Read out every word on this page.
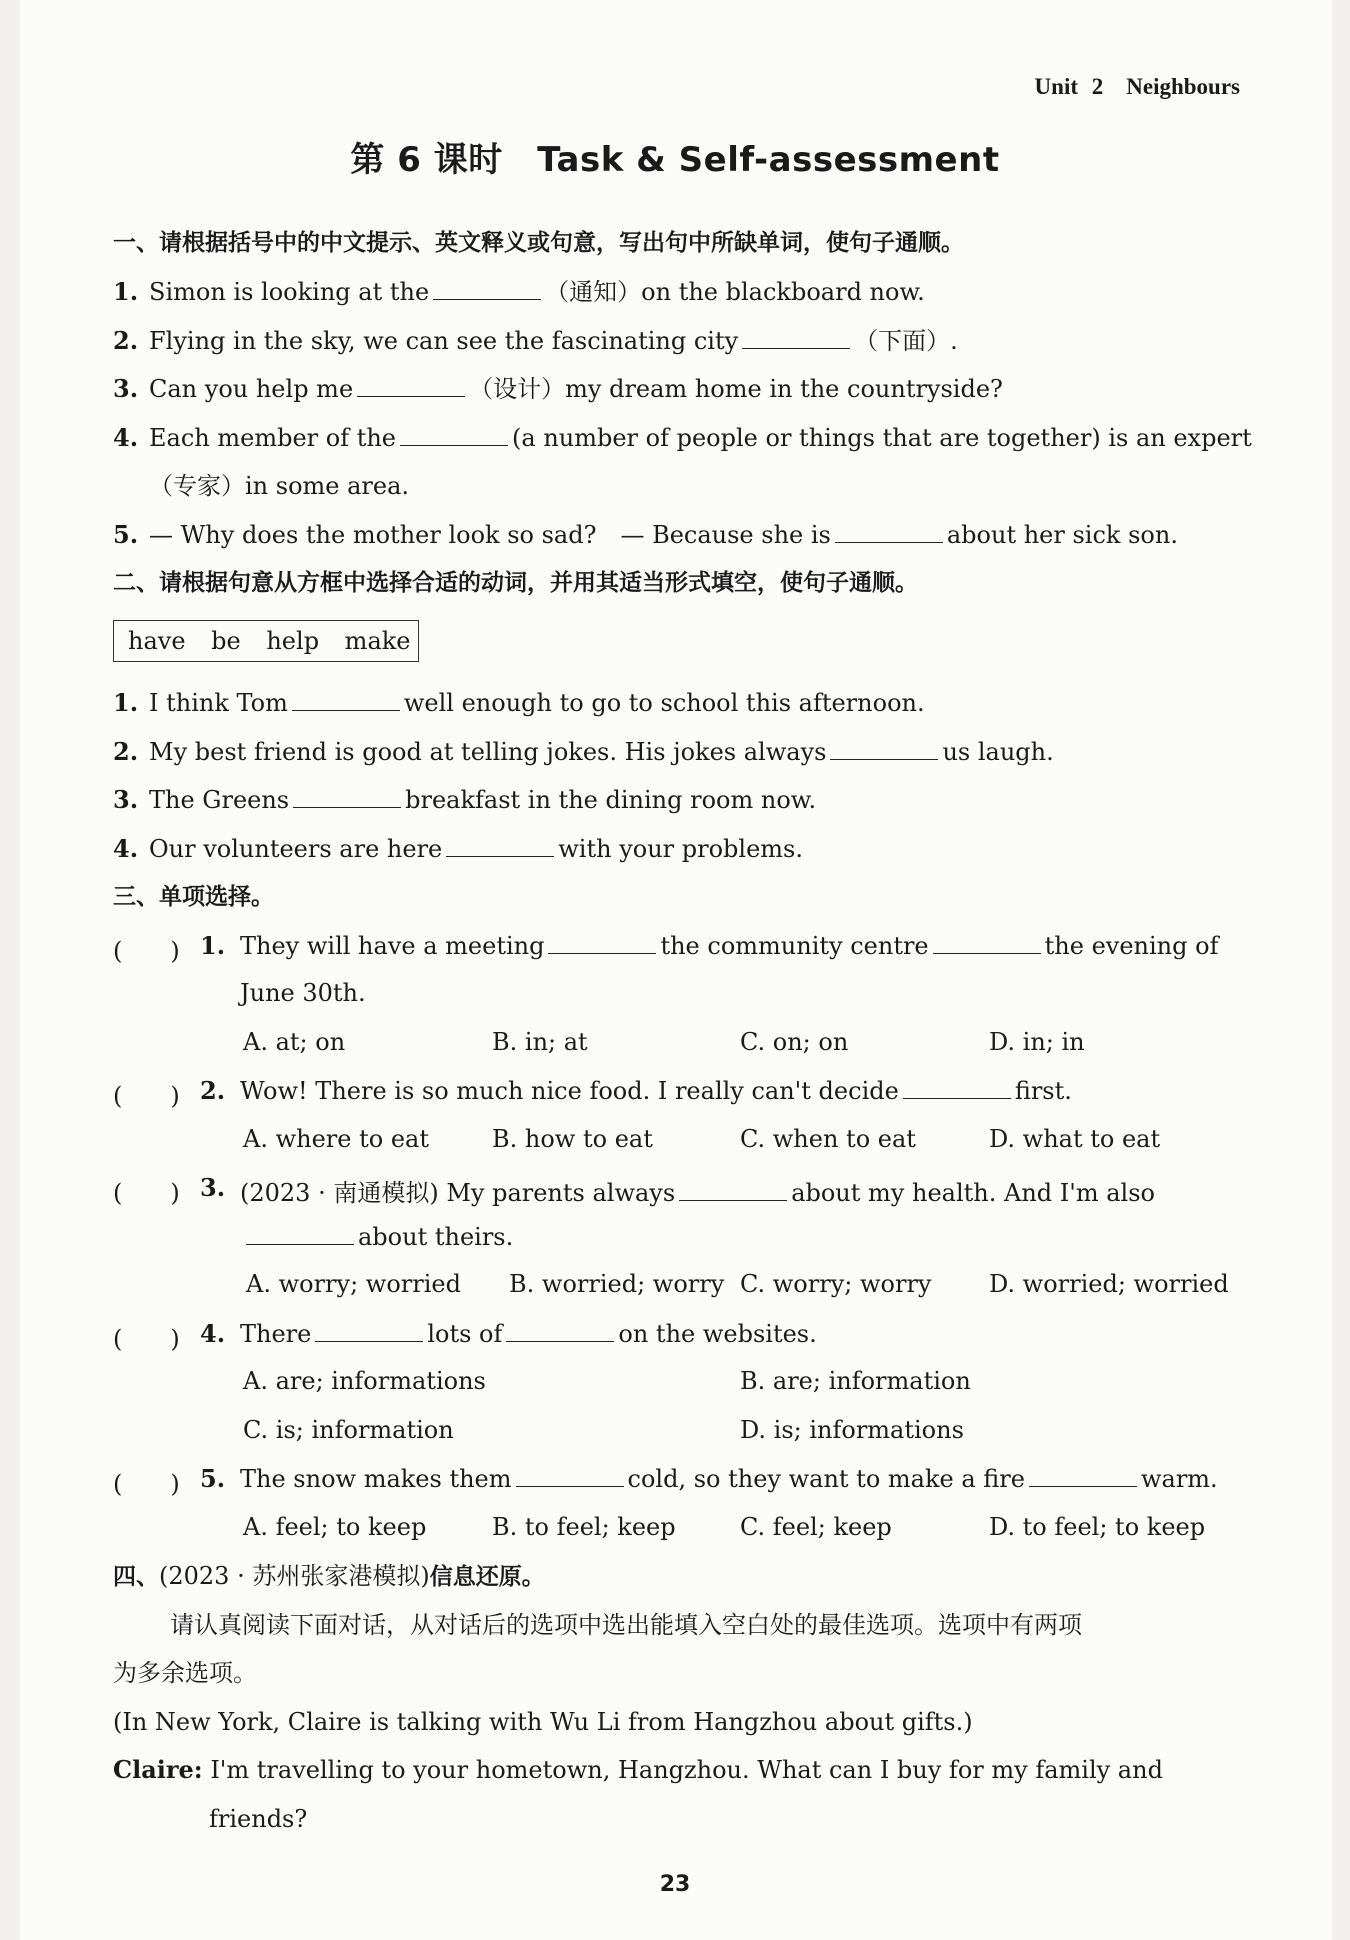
Unit 2　Neighbours
第 6 课时　Task & Self-assessment
一、请根据括号中的中文提示、英文释义或句意，写出句中所缺单词，使句子通顺。
1. Simon is looking at the	（通知）on the blackboard now.
2. Flying in the sky, we can see the fascinating city	（下面）.
3. Can you help me	（设计）my dream home in the countryside?
4. Each member of the	(a number of people or things that are together) is an expert
（专家）in some area.
5. — Why does the mother look so sad?　— Because she is	about her sick son.
二、请根据句意从方框中选择合适的动词，并用其适当形式填空，使句子通顺。
have be help make
1. I think Tom	well enough to go to school this afternoon.
2. My best friend is good at telling jokes. His jokes always	us laugh.
3. The Greens	breakfast in the dining room now.
4. Our volunteers are here	with your problems.
三、单项选择。
(　　) 1. They will have a meeting	the community centre	the evening of
June 30th.
A. at; on	B. in; at	C. on; on	D. in; in
(　　) 2. Wow! There is so much nice food. I really can't decide	first.
A. where to eat	B. how to eat	C. when to eat	D. what to eat
(　　) 3. (2023 · 南通模拟) My parents always	about my health. And I'm also
about theirs.
A. worry; worried B. worried; worry C. worry; worry D. worried; worried
(　　) 4. There	lots of	on the websites.
A. are; informations	B. are; information
C. is; information	D. is; informations
(　　) 5. The snow makes them	cold, so they want to make a fire	warm.
A. feel; to keep	B. to feel; keep	C. feel; keep	D. to feel; to keep
四、(2023 · 苏州张家港模拟)信息还原。
请认真阅读下面对话，从对话后的选项中选出能填入空白处的最佳选项。选项中有两项
为多余选项。
(In New York, Claire is talking with Wu Li from Hangzhou about gifts.)
Claire: I'm travelling to your hometown, Hangzhou. What can I buy for my family and
friends?
23
